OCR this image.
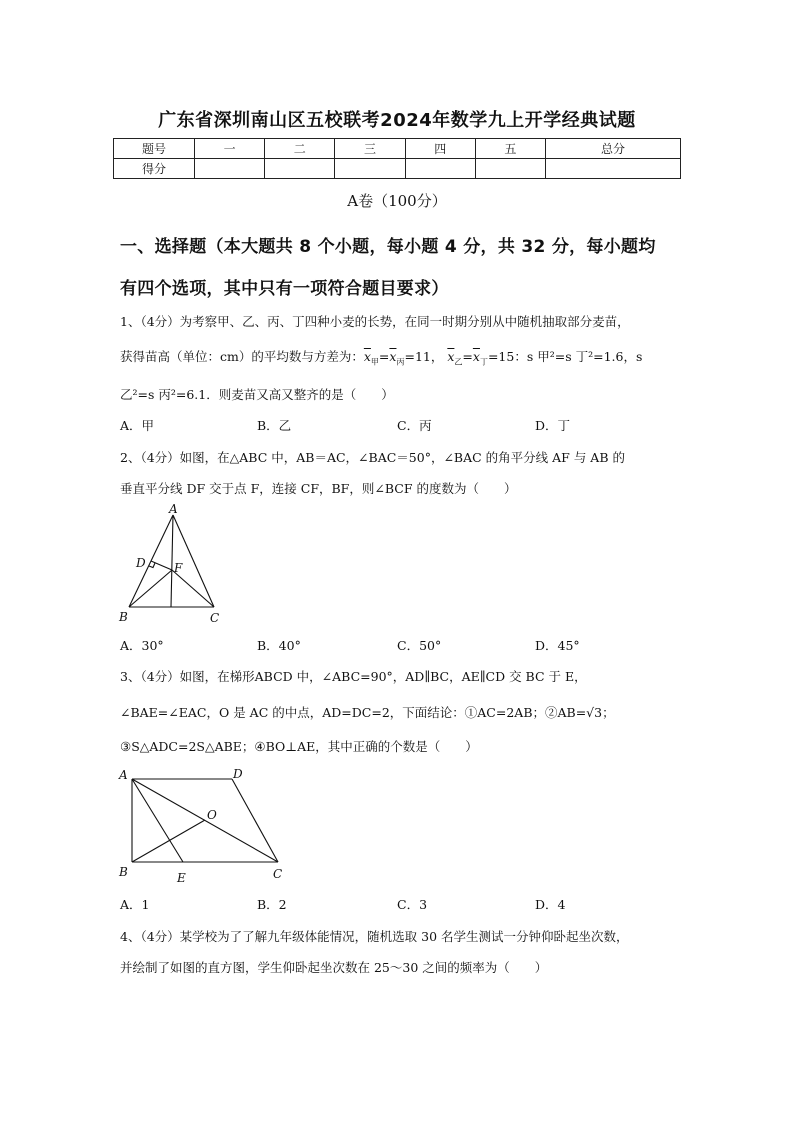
广东省深圳南山区五校联考2024年数学九上开学经典试题
题号	一	二	三	四	五	总分
得分						
A卷（100分）
一、选择题（本大题共 8 个小题，每小题 4 分，共 32 分，每小题均
有四个选项，其中只有一项符合题目要求）
1、（4分）为考察甲、乙、丙、丁四种小麦的长势，在同一时期分别从中随机抽取部分麦苗，
获得苗高（单位：cm）的平均数与方差为：$\overline{x}_甲=\overline{x}_丙=11$， $\overline{x}_乙=\overline{x}_丁=15$：s 甲²=s 丁²=1.6，s
乙²=s 丙²=6.1．则麦苗又高又整齐的是（　　）
A．甲	B．乙	C．丙	D．丁
2、（4分）如图，在△ABC 中，AB＝AC，∠BAC＝50°，∠BAC 的角平分线 AF 与 AB 的
垂直平分线 DF 交于点 F，连接 CF，BF，则∠BCF 的度数为（　　）
A
B	C
D F
A．30°	B．40°	C．50°	D．45°
3、（4分）如图，在梯形ABCD 中，∠ABC=90°，AD∥BC，AE∥CD 交 BC 于 E，
∠BAE=∠EAC，O 是 AC 的中点，AD=DC=2，下面结论：①AC=2AB；②AB=√3；
③S△ADC=2S△ABE；④BO⊥AE，其中正确的个数是（　　）
A	D
O
B	E	C
A．1	B．2	C．3	D．4
4、（4分）某学校为了了解九年级体能情况，随机选取 30 名学生测试一分钟仰卧起坐次数，
并绘制了如图的直方图，学生仰卧起坐次数在 25～30 之间的频率为（　　）
